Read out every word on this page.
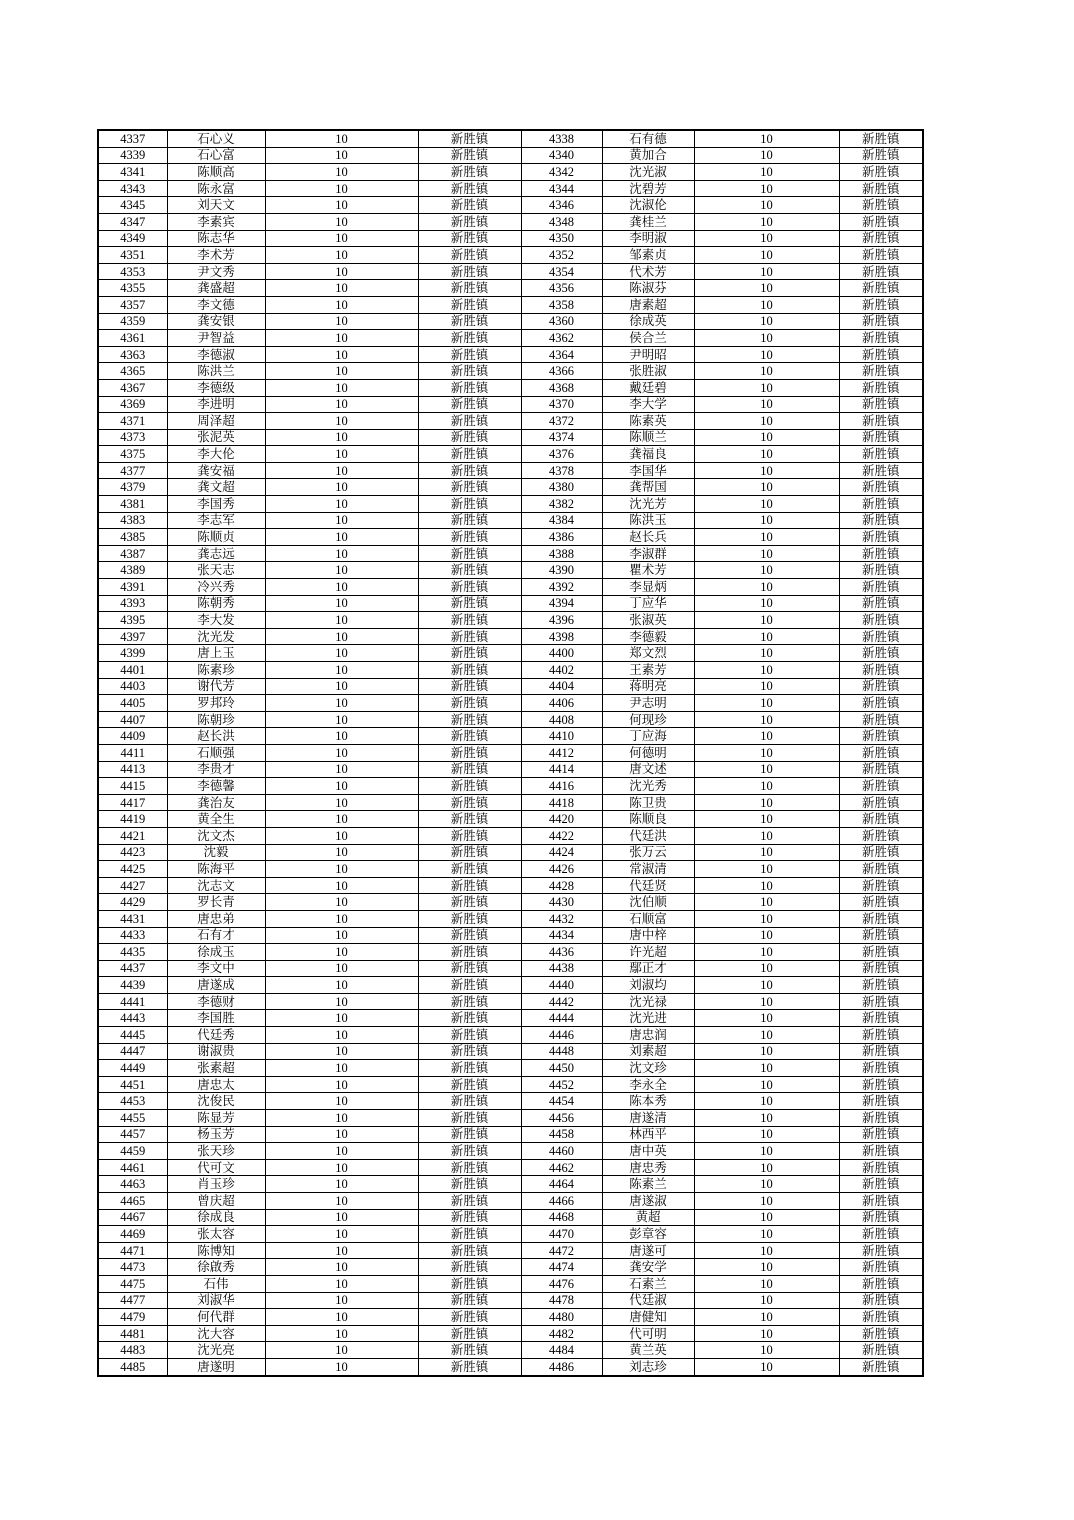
4337	石心义	10	新胜镇	4338	石有德	10	新胜镇
4339	石心富	10	新胜镇	4340	黄加合	10	新胜镇
4341	陈顺高	10	新胜镇	4342	沈光淑	10	新胜镇
4343	陈永富	10	新胜镇	4344	沈碧芳	10	新胜镇
4345	刘天文	10	新胜镇	4346	沈淑伦	10	新胜镇
4347	李素宾	10	新胜镇	4348	龚桂兰	10	新胜镇
4349	陈志华	10	新胜镇	4350	李明淑	10	新胜镇
4351	李术芳	10	新胜镇	4352	邹素贞	10	新胜镇
4353	尹文秀	10	新胜镇	4354	代术芳	10	新胜镇
4355	龚盛超	10	新胜镇	4356	陈淑芬	10	新胜镇
4357	李文德	10	新胜镇	4358	唐素超	10	新胜镇
4359	龚安银	10	新胜镇	4360	徐成英	10	新胜镇
4361	尹智益	10	新胜镇	4362	侯合兰	10	新胜镇
4363	李德淑	10	新胜镇	4364	尹明昭	10	新胜镇
4365	陈洪兰	10	新胜镇	4366	张胜淑	10	新胜镇
4367	李德级	10	新胜镇	4368	戴廷碧	10	新胜镇
4369	李进明	10	新胜镇	4370	李大学	10	新胜镇
4371	周泽超	10	新胜镇	4372	陈素英	10	新胜镇
4373	张泥英	10	新胜镇	4374	陈顺兰	10	新胜镇
4375	李大伦	10	新胜镇	4376	龚福良	10	新胜镇
4377	龚安福	10	新胜镇	4378	李国华	10	新胜镇
4379	龚文超	10	新胜镇	4380	龚帮国	10	新胜镇
4381	李国秀	10	新胜镇	4382	沈光芳	10	新胜镇
4383	李志军	10	新胜镇	4384	陈洪玉	10	新胜镇
4385	陈顺贞	10	新胜镇	4386	赵长兵	10	新胜镇
4387	龚志远	10	新胜镇	4388	李淑群	10	新胜镇
4389	张天志	10	新胜镇	4390	瞿术芳	10	新胜镇
4391	冷兴秀	10	新胜镇	4392	李显炳	10	新胜镇
4393	陈朝秀	10	新胜镇	4394	丁应华	10	新胜镇
4395	李大发	10	新胜镇	4396	张淑英	10	新胜镇
4397	沈光发	10	新胜镇	4398	李德毅	10	新胜镇
4399	唐上玉	10	新胜镇	4400	郑文烈	10	新胜镇
4401	陈素珍	10	新胜镇	4402	王素芳	10	新胜镇
4403	谢代芳	10	新胜镇	4404	蒋明亮	10	新胜镇
4405	罗邦玲	10	新胜镇	4406	尹志明	10	新胜镇
4407	陈朝珍	10	新胜镇	4408	何现珍	10	新胜镇
4409	赵长洪	10	新胜镇	4410	丁应海	10	新胜镇
4411	石顺强	10	新胜镇	4412	何德明	10	新胜镇
4413	李贵才	10	新胜镇	4414	唐文述	10	新胜镇
4415	李德馨	10	新胜镇	4416	沈光秀	10	新胜镇
4417	龚治友	10	新胜镇	4418	陈卫贵	10	新胜镇
4419	黄全生	10	新胜镇	4420	陈顺良	10	新胜镇
4421	沈文杰	10	新胜镇	4422	代廷洪	10	新胜镇
4423	沈毅	10	新胜镇	4424	张万云	10	新胜镇
4425	陈海平	10	新胜镇	4426	常淑清	10	新胜镇
4427	沈志文	10	新胜镇	4428	代廷贤	10	新胜镇
4429	罗长青	10	新胜镇	4430	沈伯顺	10	新胜镇
4431	唐忠弟	10	新胜镇	4432	石顺富	10	新胜镇
4433	石有才	10	新胜镇	4434	唐中梓	10	新胜镇
4435	徐成玉	10	新胜镇	4436	许光超	10	新胜镇
4437	李文中	10	新胜镇	4438	鄢正才	10	新胜镇
4439	唐遂成	10	新胜镇	4440	刘淑均	10	新胜镇
4441	李德财	10	新胜镇	4442	沈光禄	10	新胜镇
4443	李国胜	10	新胜镇	4444	沈光进	10	新胜镇
4445	代廷秀	10	新胜镇	4446	唐忠润	10	新胜镇
4447	谢淑贵	10	新胜镇	4448	刘素超	10	新胜镇
4449	张素超	10	新胜镇	4450	沈文珍	10	新胜镇
4451	唐忠太	10	新胜镇	4452	李永全	10	新胜镇
4453	沈俊民	10	新胜镇	4454	陈本秀	10	新胜镇
4455	陈显芳	10	新胜镇	4456	唐遂清	10	新胜镇
4457	杨玉芳	10	新胜镇	4458	林西平	10	新胜镇
4459	张天珍	10	新胜镇	4460	唐中英	10	新胜镇
4461	代可文	10	新胜镇	4462	唐忠秀	10	新胜镇
4463	肖玉珍	10	新胜镇	4464	陈素兰	10	新胜镇
4465	曾庆超	10	新胜镇	4466	唐遂淑	10	新胜镇
4467	徐成良	10	新胜镇	4468	黄超	10	新胜镇
4469	张太容	10	新胜镇	4470	彭章容	10	新胜镇
4471	陈博知	10	新胜镇	4472	唐遂可	10	新胜镇
4473	徐啟秀	10	新胜镇	4474	龚安学	10	新胜镇
4475	石伟	10	新胜镇	4476	石素兰	10	新胜镇
4477	刘淑华	10	新胜镇	4478	代廷淑	10	新胜镇
4479	何代群	10	新胜镇	4480	唐健知	10	新胜镇
4481	沈大容	10	新胜镇	4482	代可明	10	新胜镇
4483	沈光亮	10	新胜镇	4484	黄兰英	10	新胜镇
4485	唐遂明	10	新胜镇	4486	刘志珍	10	新胜镇
